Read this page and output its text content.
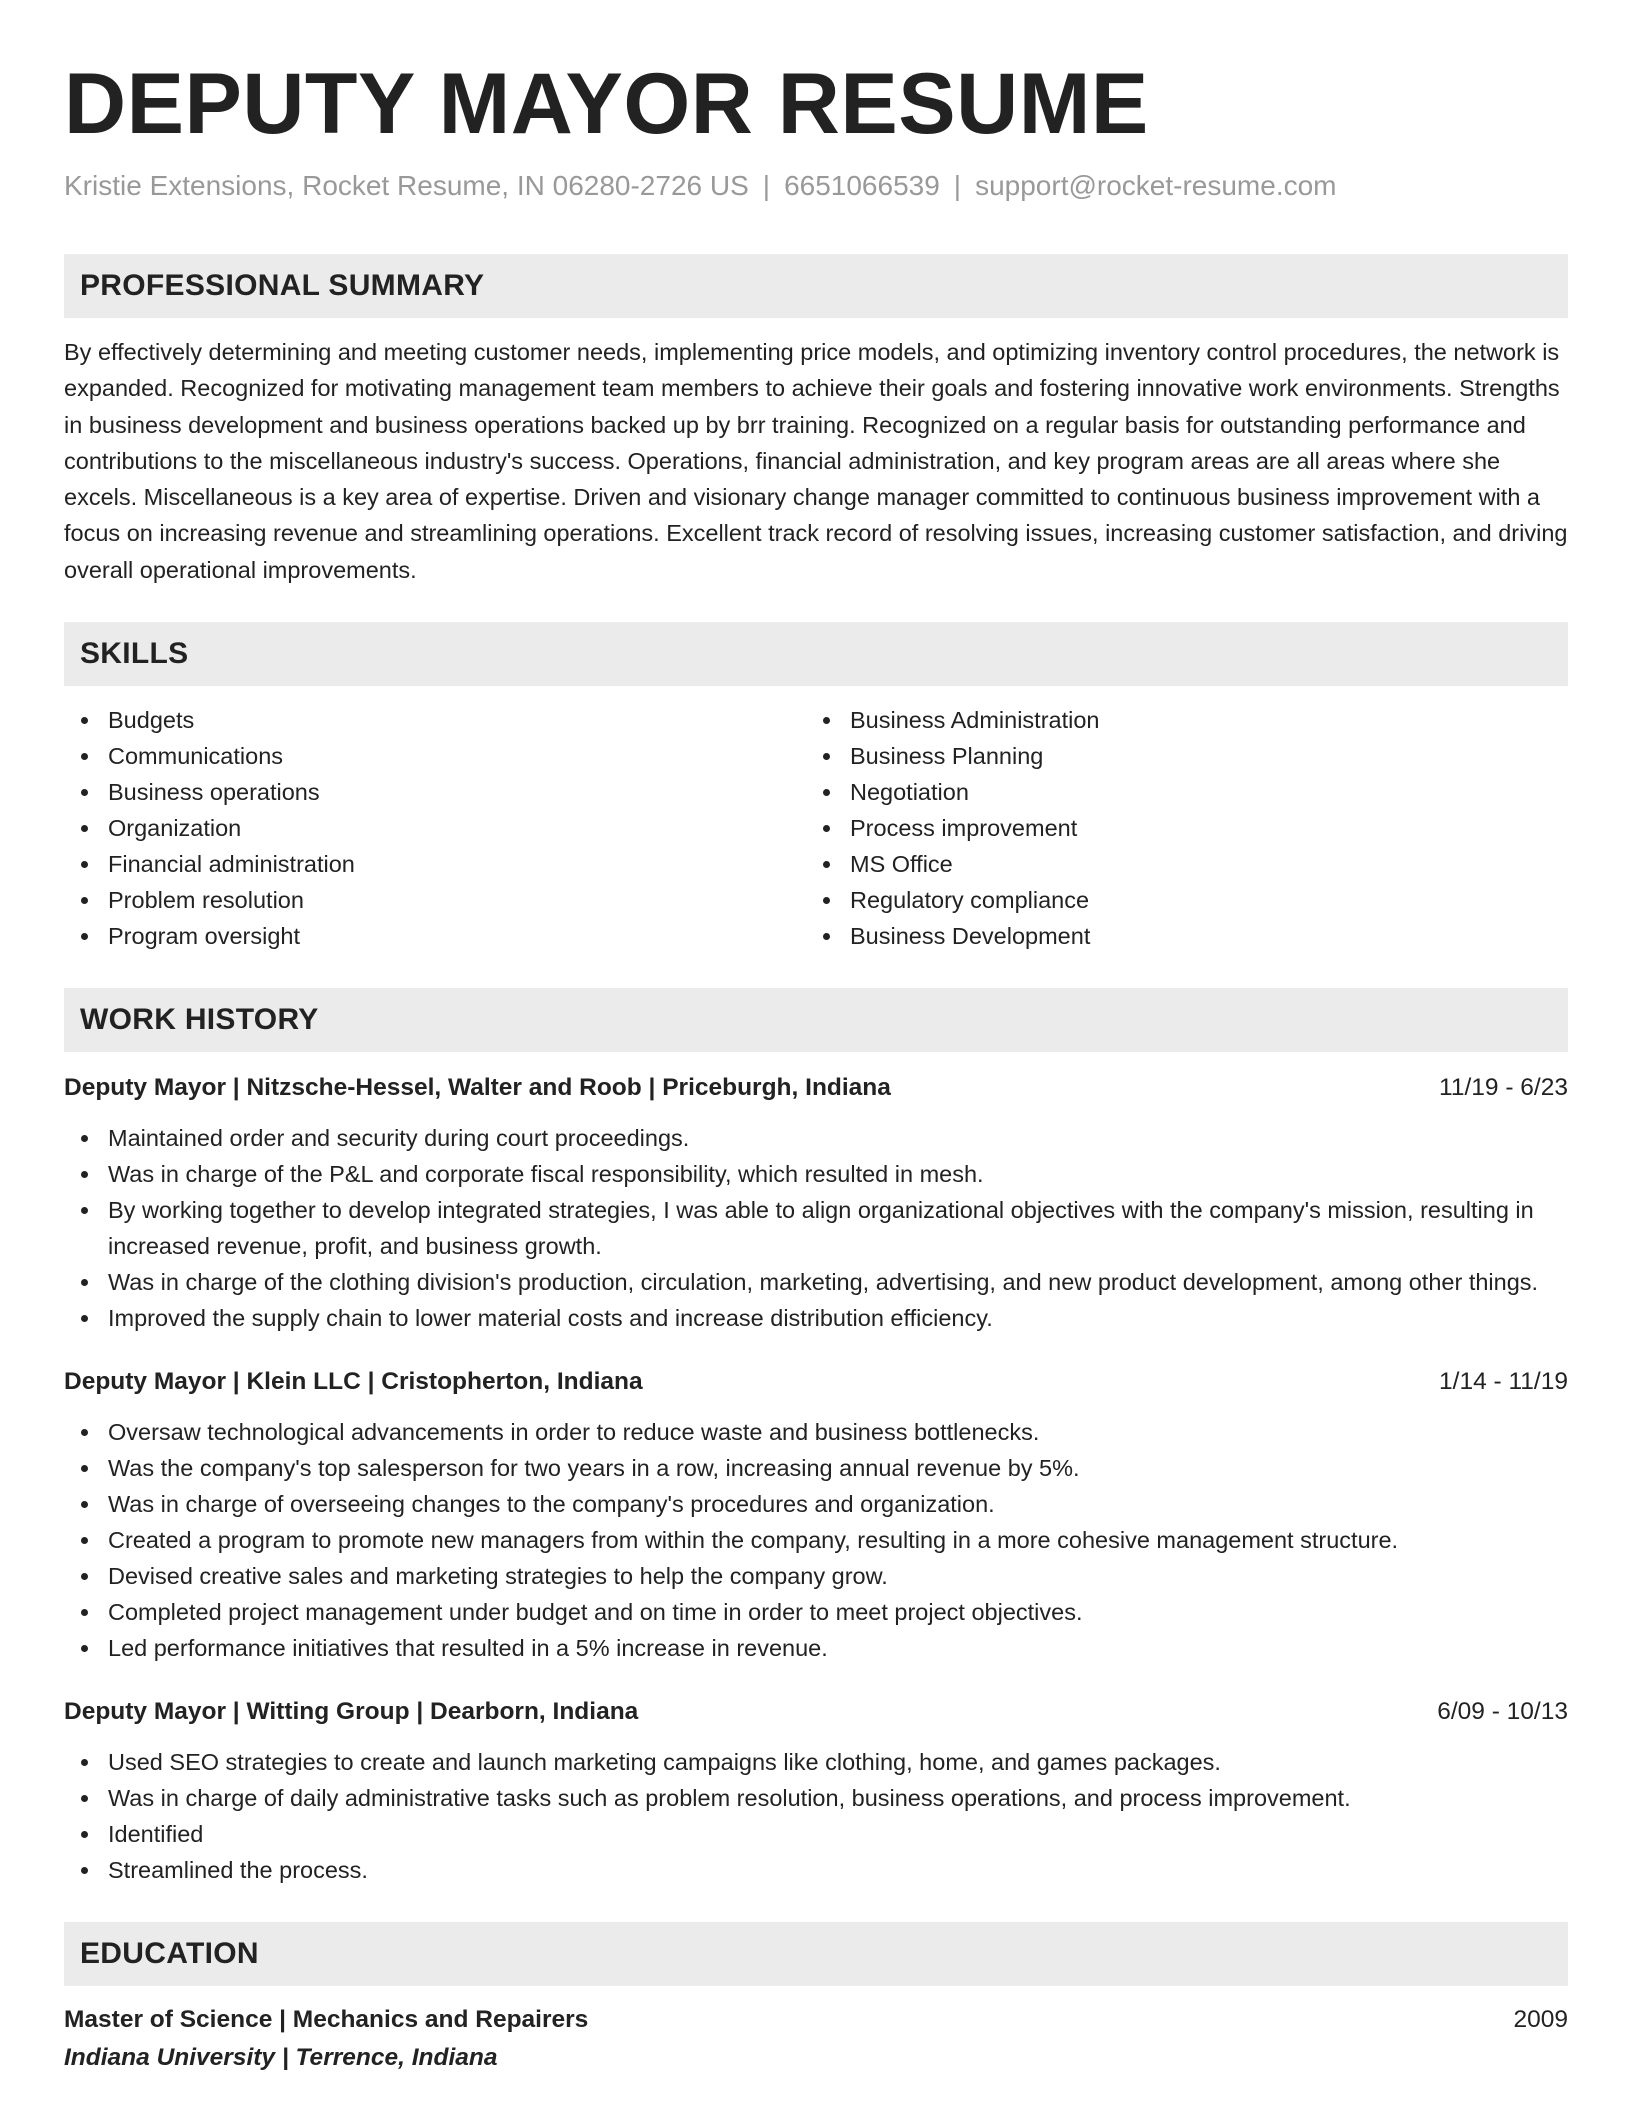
DEPUTY MAYOR RESUME
Kristie Extensions, Rocket Resume, IN 06280-2726 US | 6651066539 | support@rocket-resume.com
PROFESSIONAL SUMMARY
By effectively determining and meeting customer needs, implementing price models, and optimizing inventory control procedures, the network is expanded. Recognized for motivating management team members to achieve their goals and fostering innovative work environments. Strengths in business development and business operations backed up by brr training. Recognized on a regular basis for outstanding performance and contributions to the miscellaneous industry's success. Operations, financial administration, and key program areas are all areas where she excels. Miscellaneous is a key area of expertise. Driven and visionary change manager committed to continuous business improvement with a focus on increasing revenue and streamlining operations. Excellent track record of resolving issues, increasing customer satisfaction, and driving overall operational improvements.
SKILLS
Budgets
Communications
Business operations
Organization
Financial administration
Problem resolution
Program oversight
Business Administration
Business Planning
Negotiation
Process improvement
MS Office
Regulatory compliance
Business Development
WORK HISTORY
Deputy Mayor | Nitzsche-Hessel, Walter and Roob | Priceburgh, Indiana	11/19 - 6/23
Maintained order and security during court proceedings.
Was in charge of the P&L and corporate fiscal responsibility, which resulted in mesh.
By working together to develop integrated strategies, I was able to align organizational objectives with the company's mission, resulting in increased revenue, profit, and business growth.
Was in charge of the clothing division's production, circulation, marketing, advertising, and new product development, among other things.
Improved the supply chain to lower material costs and increase distribution efficiency.
Deputy Mayor | Klein LLC | Cristopherton, Indiana	1/14 - 11/19
Oversaw technological advancements in order to reduce waste and business bottlenecks.
Was the company's top salesperson for two years in a row, increasing annual revenue by 5%.
Was in charge of overseeing changes to the company's procedures and organization.
Created a program to promote new managers from within the company, resulting in a more cohesive management structure.
Devised creative sales and marketing strategies to help the company grow.
Completed project management under budget and on time in order to meet project objectives.
Led performance initiatives that resulted in a 5% increase in revenue.
Deputy Mayor | Witting Group | Dearborn, Indiana	6/09 - 10/13
Used SEO strategies to create and launch marketing campaigns like clothing, home, and games packages.
Was in charge of daily administrative tasks such as problem resolution, business operations, and process improvement.
Identified
Streamlined the process.
EDUCATION
Master of Science | Mechanics and Repairers	2009
Indiana University | Terrence, Indiana
